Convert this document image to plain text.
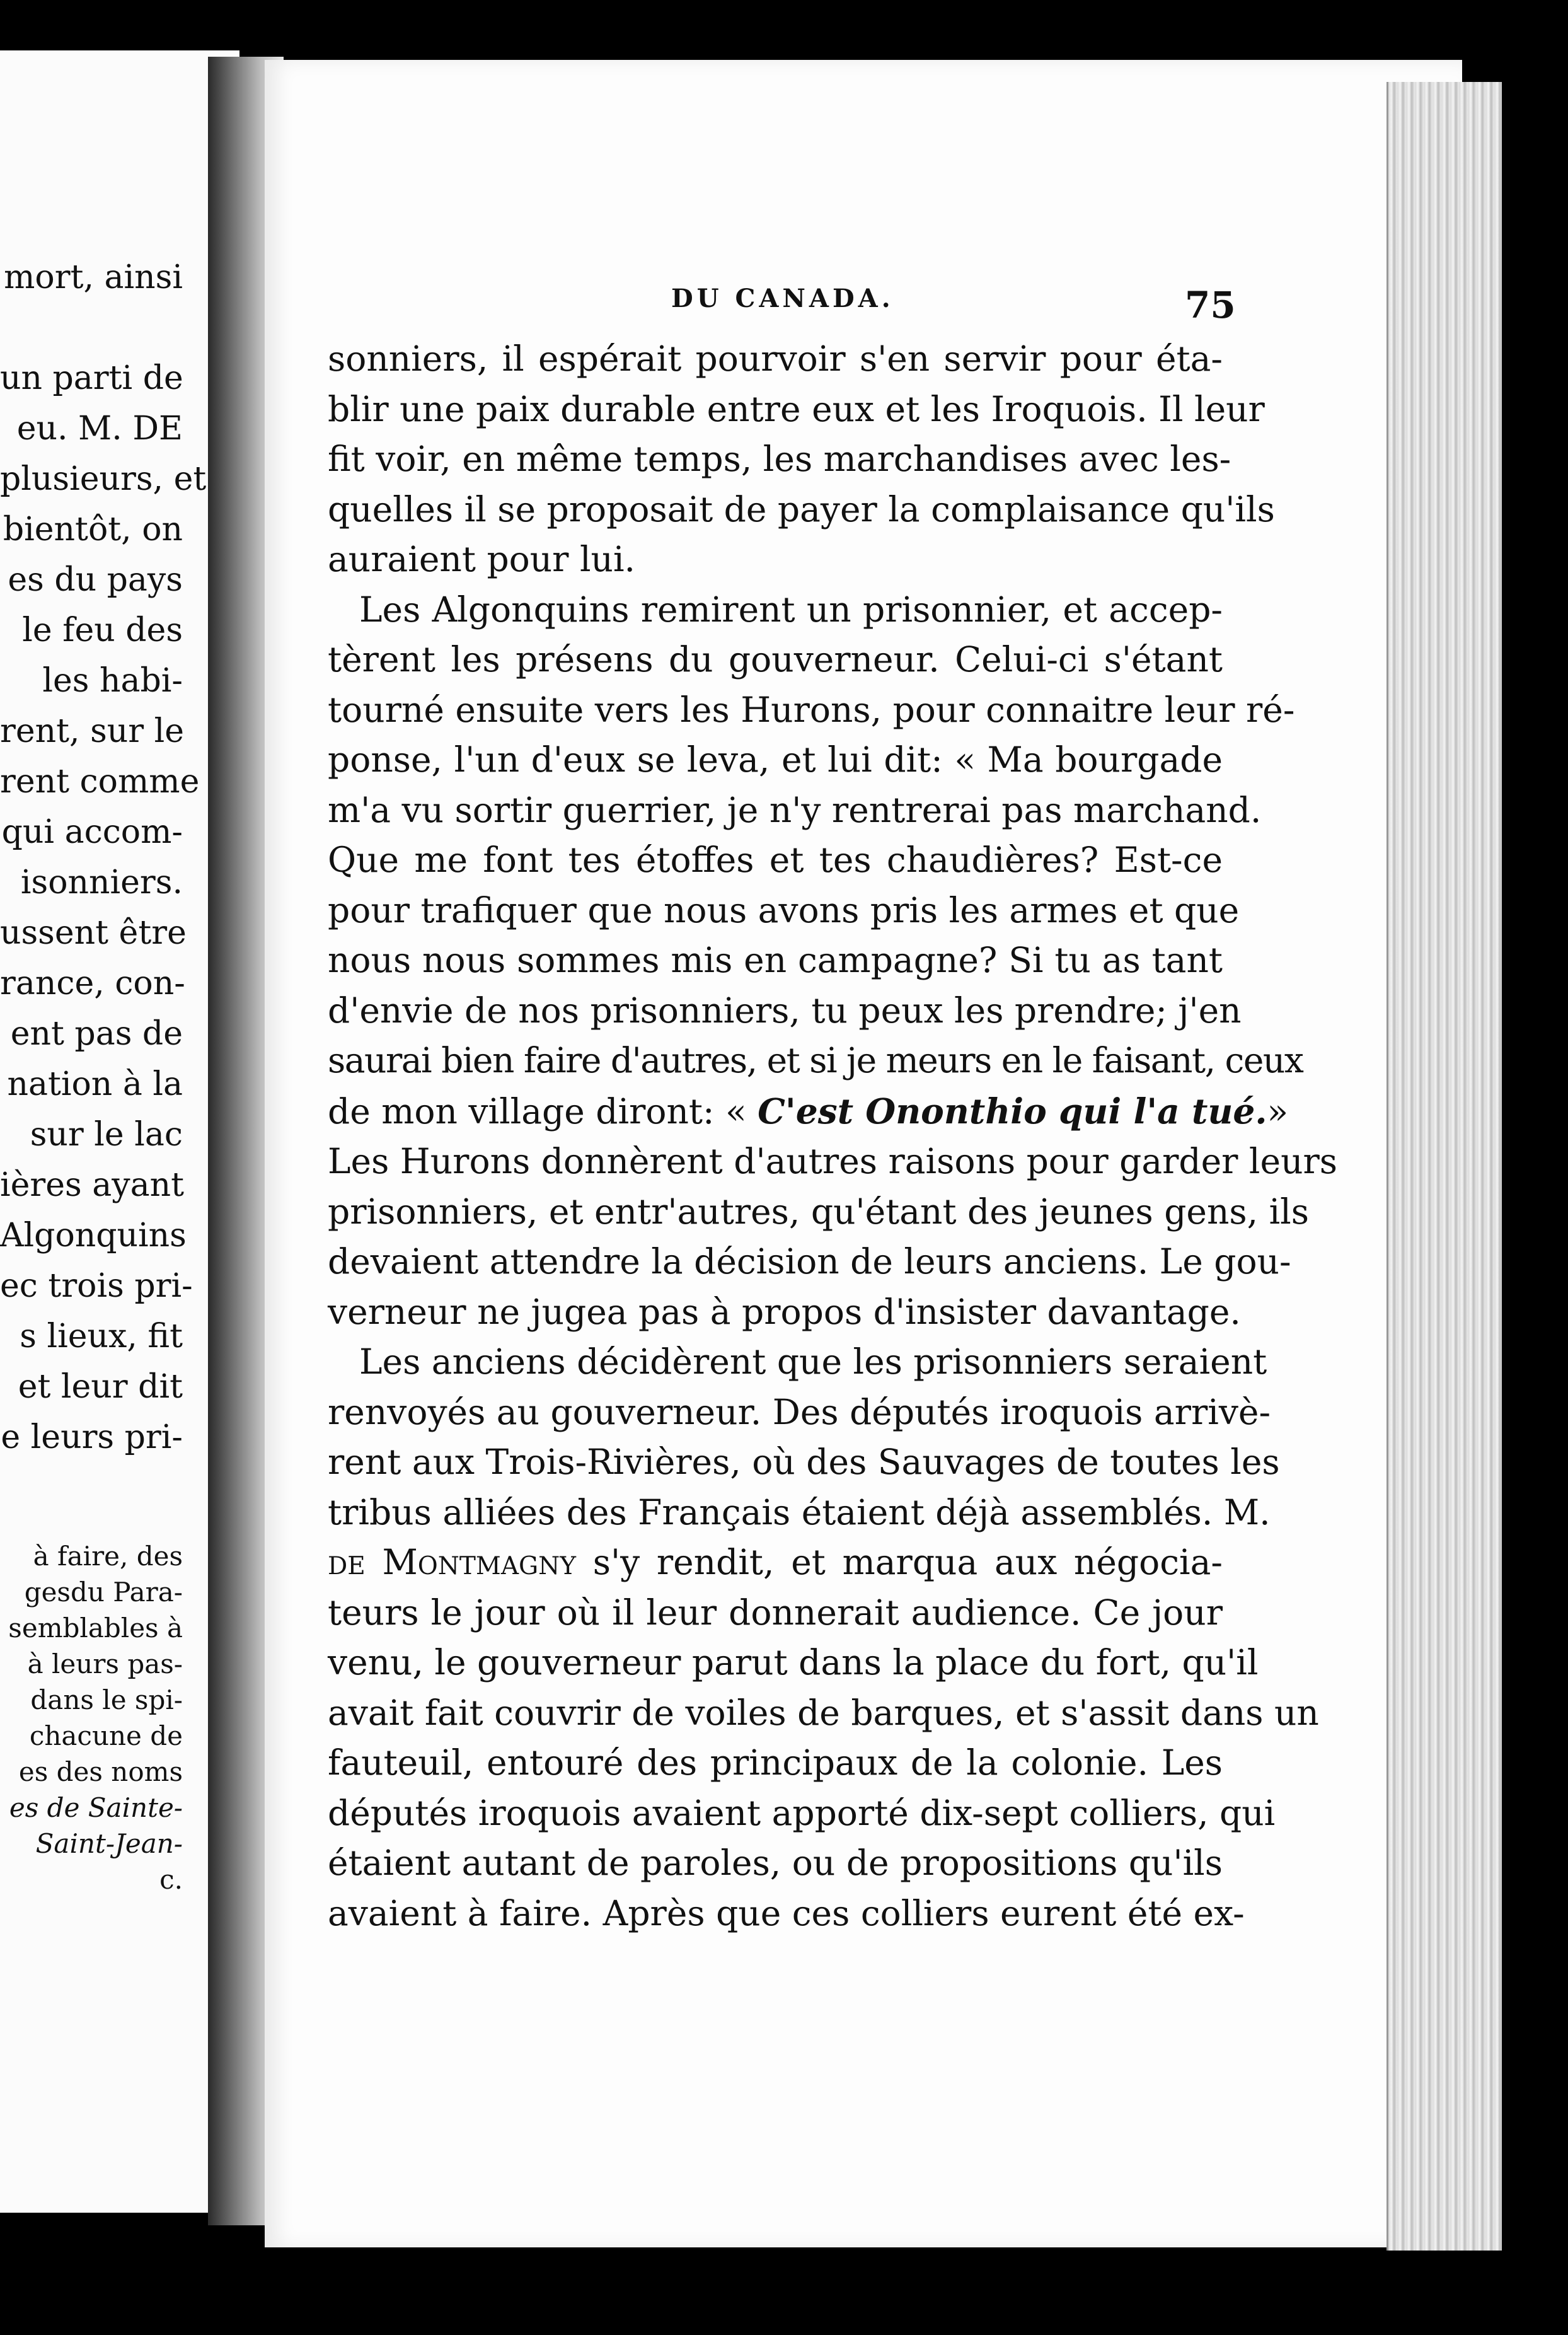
mort, ainsi

un parti de
eu. M. DE
plusieurs, et
bientôt, on
es du pays
le feu des
les habi-
rent, sur le
rent comme
qui accom-
isonniers.
ussent être
rance, con-
ent pas de
nation à la
sur le lac
ières ayant
Algonquins
ec trois pri-
s lieux, fit
et leur dit
e leurs pri-
à faire, des
gesdu Para-
semblables à
à leurs pas-
dans le spi-
chacune de
es des noms
es de Sainte-
Saint-Jean-
c.
DU CANADA.	75
sonniers, il espérait pourvoir s'en servir pour éta-
blir une paix durable entre eux et les Iroquois. Il leur
fit voir, en même temps, les marchandises avec les-
quelles il se proposait de payer la complaisance qu'ils
auraient pour lui.
Les Algonquins remirent un prisonnier, et accep-
tèrent les présens du gouverneur. Celui-ci s'étant
tourné ensuite vers les Hurons, pour connaitre leur ré-
ponse, l'un d'eux se leva, et lui dit: « Ma bourgade
m'a vu sortir guerrier, je n'y rentrerai pas marchand.
Que me font tes étoffes et tes chaudières? Est-ce
pour trafiquer que nous avons pris les armes et que
nous nous sommes mis en campagne? Si tu as tant
d'envie de nos prisonniers, tu peux les prendre; j'en
saurai bien faire d'autres, et si je meurs en le faisant, ceux
de mon village diront: « C'est Ononthio qui l'a tué.»
Les Hurons donnèrent d'autres raisons pour garder leurs
prisonniers, et entr'autres, qu'étant des jeunes gens, ils
devaient attendre la décision de leurs anciens. Le gou-
verneur ne jugea pas à propos d'insister davantage.
Les anciens décidèrent que les prisonniers seraient
renvoyés au gouverneur. Des députés iroquois arrivè-
rent aux Trois-Rivières, où des Sauvages de toutes les
tribus alliées des Français étaient déjà assemblés. M.
de Montmagny s'y rendit, et marqua aux négocia-
teurs le jour où il leur donnerait audience. Ce jour
venu, le gouverneur parut dans la place du fort, qu'il
avait fait couvrir de voiles de barques, et s'assit dans un
fauteuil, entouré des principaux de la colonie. Les
députés iroquois avaient apporté dix-sept colliers, qui
étaient autant de paroles, ou de propositions qu'ils
avaient à faire. Après que ces colliers eurent été ex-
